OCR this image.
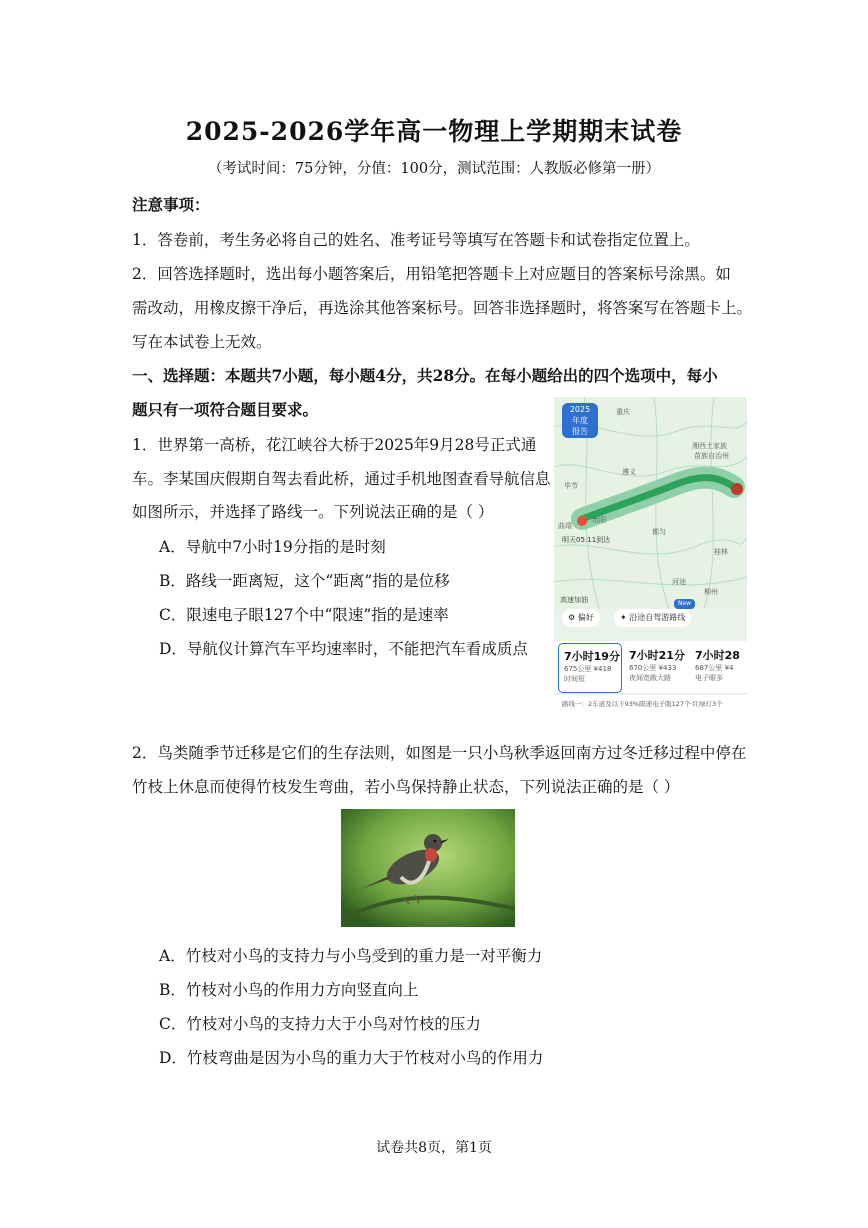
2025-2026学年高一物理上学期期末试卷
（考试时间：75分钟，分值：100分，测试范围：人教版必修第一册）
注意事项：
1．答卷前，考生务必将自己的姓名、准考证号等填写在答题卡和试卷指定位置上。
2．回答选择题时，选出每小题答案后，用铅笔把答题卡上对应题目的答案标号涂黑。如
需改动，用橡皮擦干净后，再选涂其他答案标号。回答非选择题时，将答案写在答题卡上。
写在本试卷上无效。
一、选择题：本题共7小题，每小题4分，共28分。在每小题给出的四个选项中，每小
题只有一项符合题目要求。
1．世界第一高桥，花江峡谷大桥于2025年9月28号正式通
车。李某国庆假期自驾去看此桥，通过手机地图查看导航信息
如图所示，并选择了路线一。下列说法正确的是（ ）
A．导航中7小时19分指的是时刻
B．路线一距离短，这个“距离”指的是位移
C．限速电子眼127个中“限速”指的是速率
D．导航仪计算汽车平均速率时，不能把汽车看成质点
2025
年度
报告
重庆
湘西土家族
苗族自治州
遵义
贵阳
都匀
桂林
河池
柳州
曲靖
毕节
明天05:11到达
高速加油
⚙ 偏好	✦ 沿途自驾游路线
New
7小时19分
675公里 ¥418
时间短
7小时21分
670公里 ¥433
夜间宽敞大路
7小时28
687公里 ¥4
电子眼多
路线一：2车道及以下93%限速电子眼127个·红绿灯3个
2．鸟类随季节迁移是它们的生存法则，如图是一只小鸟秋季返回南方过冬迁移过程中停在
竹枝上休息而使得竹枝发生弯曲，若小鸟保持静止状态，下列说法正确的是（ ）
A．竹枝对小鸟的支持力与小鸟受到的重力是一对平衡力
B．竹枝对小鸟的作用力方向竖直向上
C．竹枝对小鸟的支持力大于小鸟对竹枝的压力
D．竹枝弯曲是因为小鸟的重力大于竹枝对小鸟的作用力
试卷共8页，第1页
